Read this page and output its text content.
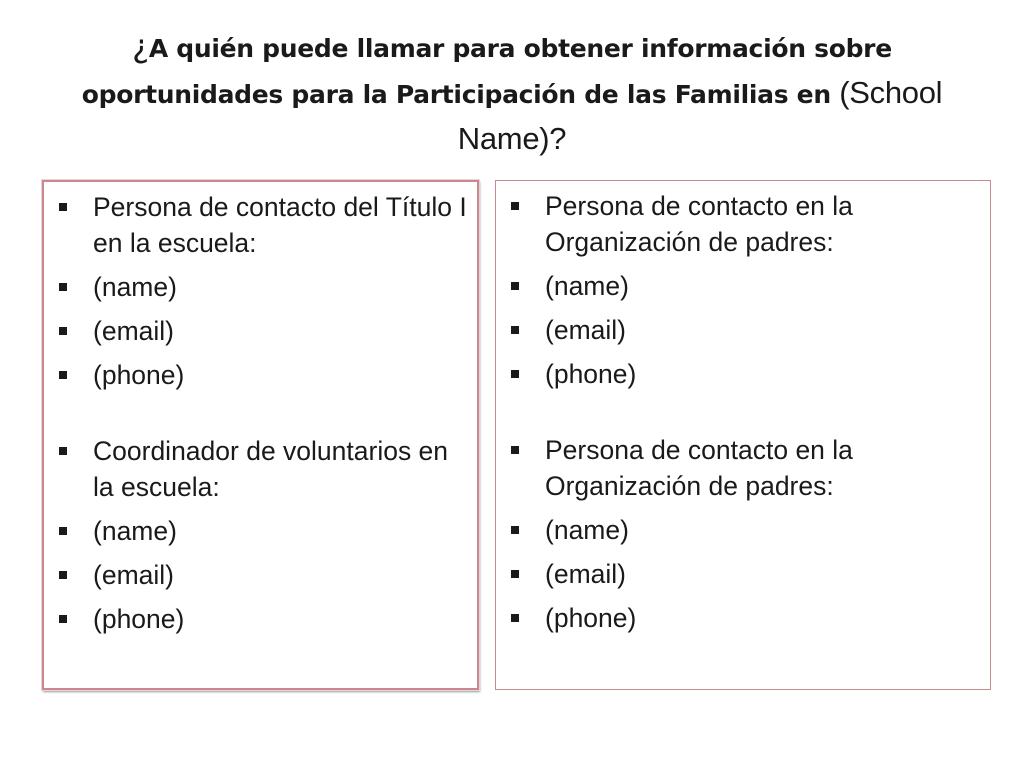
¿A quién puede llamar para obtener información sobre oportunidades para la Participación de las Familias en (School Name)?
Persona de contacto del Título I en la escuela:
(name)
(email)
(phone)
Coordinador de voluntarios en la escuela:
(name)
(email)
(phone)
Persona de contacto en la Organización de padres:
(name)
(email)
(phone)
Persona de contacto en la Organización de padres:
(name)
(email)
(phone)
